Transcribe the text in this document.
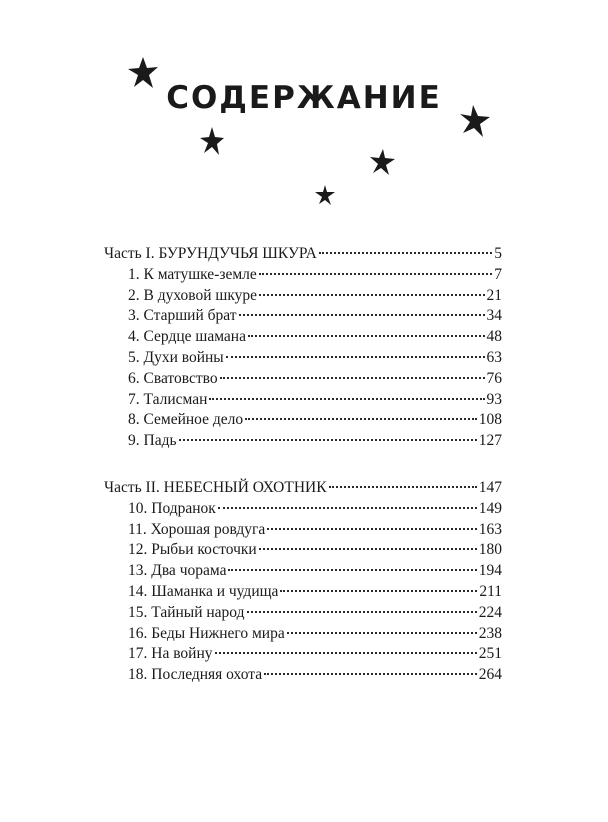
СОДЕРЖАНИЕ
Часть I. БУРУНДУЧЬЯ ШКУРА	5
1. К матушке-земле	7
2. В духовой шкуре	21
3. Старший брат	34
4. Сердце шамана	48
5. Духи войны	63
6. Сватовство	76
7. Талисман	93
8. Семейное дело	108
9. Падь	127
Часть II. НЕБЕСНЫЙ ОХОТНИК	147
10. Подранок	149
11. Хорошая ровдуга	163
12. Рыбьи косточки	180
13. Два чорама	194
14. Шаманка и чудища	211
15. Тайный народ	224
16. Беды Нижнего мира	238
17. На войну	251
18. Последняя охота	264
